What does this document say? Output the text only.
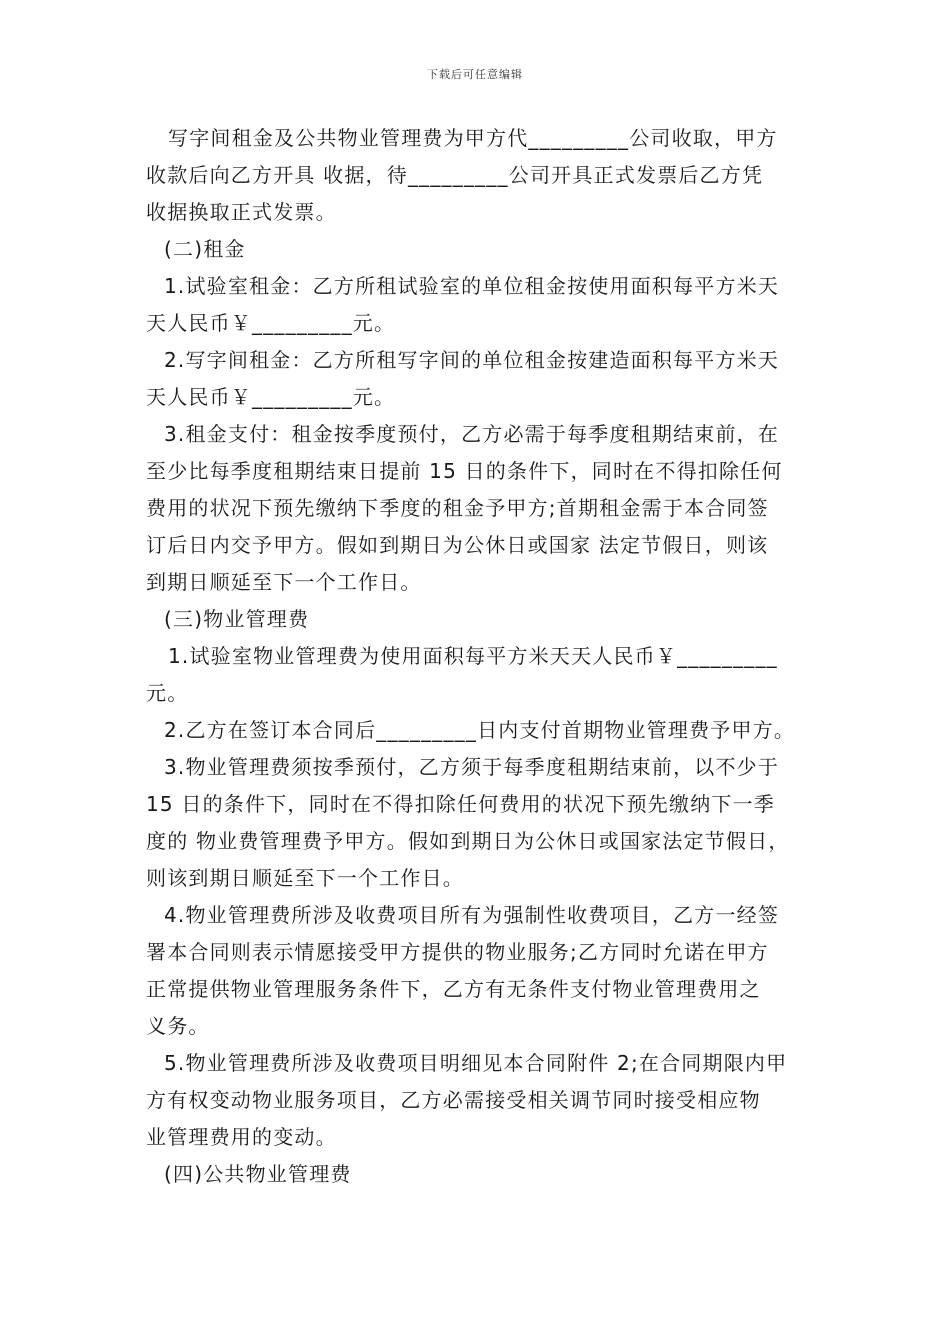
下载后可任意编辑
写字间租金及公共物业管理费为甲方代_________公司收取，甲方
收款后向乙方开具 收据，待_________公司开具正式发票后乙方凭
收据换取正式发票。
(二)租金
1.试验室租金：乙方所租试验室的单位租金按使用面积每平方米天
天人民币￥_________元。
2.写字间租金：乙方所租写字间的单位租金按建造面积每平方米天
天人民币￥_________元。
3.租金支付：租金按季度预付，乙方必需于每季度租期结束前，在
至少比每季度租期结束日提前 15 日的条件下，同时在不得扣除任何
费用的状况下预先缴纳下季度的租金予甲方;首期租金需于本合同签
订后日内交予甲方。假如到期日为公休日或国家 法定节假日，则该
到期日顺延至下一个工作日。
(三)物业管理费
1.试验室物业管理费为使用面积每平方米天天人民币￥_________
元。
2.乙方在签订本合同后_________日内支付首期物业管理费予甲方。
3.物业管理费须按季预付，乙方须于每季度租期结束前，以不少于
15 日的条件下，同时在不得扣除任何费用的状况下预先缴纳下一季
度的 物业费管理费予甲方。假如到期日为公休日或国家法定节假日，
则该到期日顺延至下一个工作日。
4.物业管理费所涉及收费项目所有为强制性收费项目，乙方一经签
署本合同则表示情愿接受甲方提供的物业服务;乙方同时允诺在甲方
正常提供物业管理服务条件下，乙方有无条件支付物业管理费用之
义务。
5.物业管理费所涉及收费项目明细见本合同附件 2;在合同期限内甲
方有权变动物业服务项目，乙方必需接受相关调节同时接受相应物
业管理费用的变动。
(四)公共物业管理费
